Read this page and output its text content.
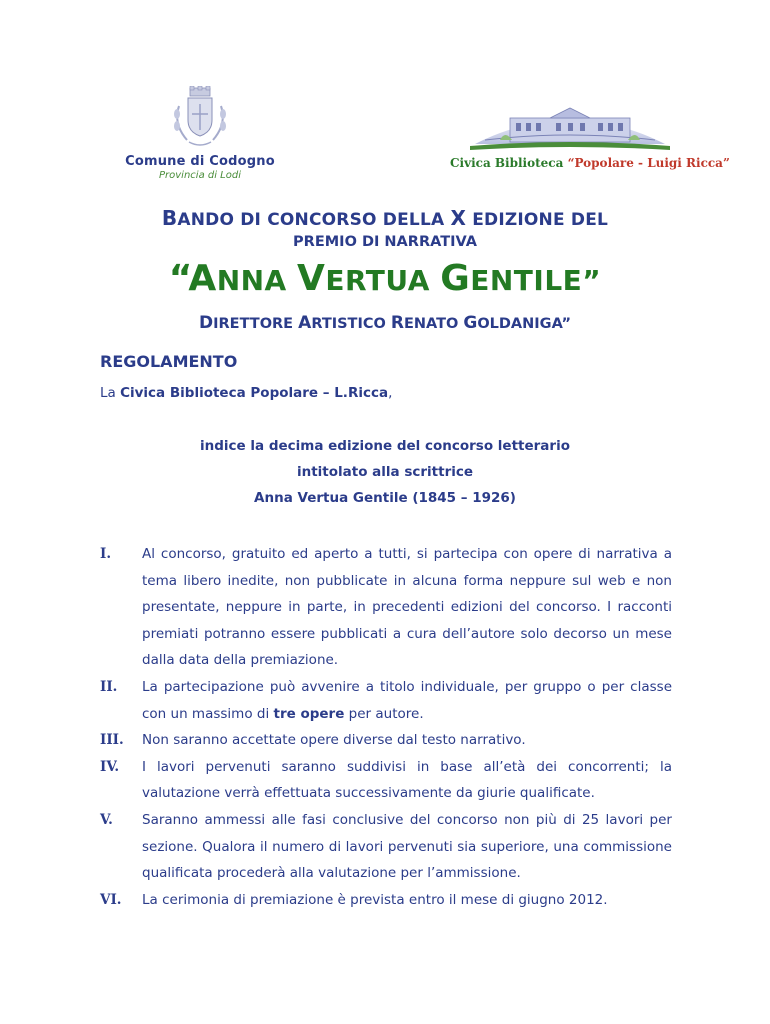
Comune di Codogno
Provincia di Lodi
Civica Biblioteca “Popolare - Luigi Ricca”
BANDO DI CONCORSO DELLA X EDIZIONE DEL
PREMIO DI NARRATIVA
“ANNA VERTUA GENTILE”
DIRETTORE ARTISTICO RENATO GOLDANIGA”
REGOLAMENTO
La Civica Biblioteca Popolare – L.Ricca,
indice la decima edizione del concorso letterario
intitolato alla scrittrice
Anna Vertua Gentile (1845 – 1926)
I.	Al concorso, gratuito ed aperto a tutti, si partecipa con opere di narrativa a tema libero inedite, non pubblicate in alcuna forma neppure sul web e non presentate, neppure in parte, in precedenti edizioni del concorso. I racconti premiati potranno essere pubblicati a cura dell’autore solo decorso un mese dalla data della premiazione.
II.	La partecipazione può avvenire a titolo individuale, per gruppo o per classe con un massimo di tre opere per autore.
III.	Non saranno accettate opere diverse dal testo narrativo.
IV.	I lavori pervenuti saranno suddivisi in base all’età dei concorrenti; la valutazione verrà effettuata successivamente da giurie qualificate.
V.	Saranno ammessi alle fasi conclusive del concorso non più di 25 lavori per sezione. Qualora il numero di lavori pervenuti sia superiore, una commissione qualificata procederà alla valutazione per l’ammissione.
VI.	La cerimonia di premiazione è prevista entro il mese di giugno 2012.
